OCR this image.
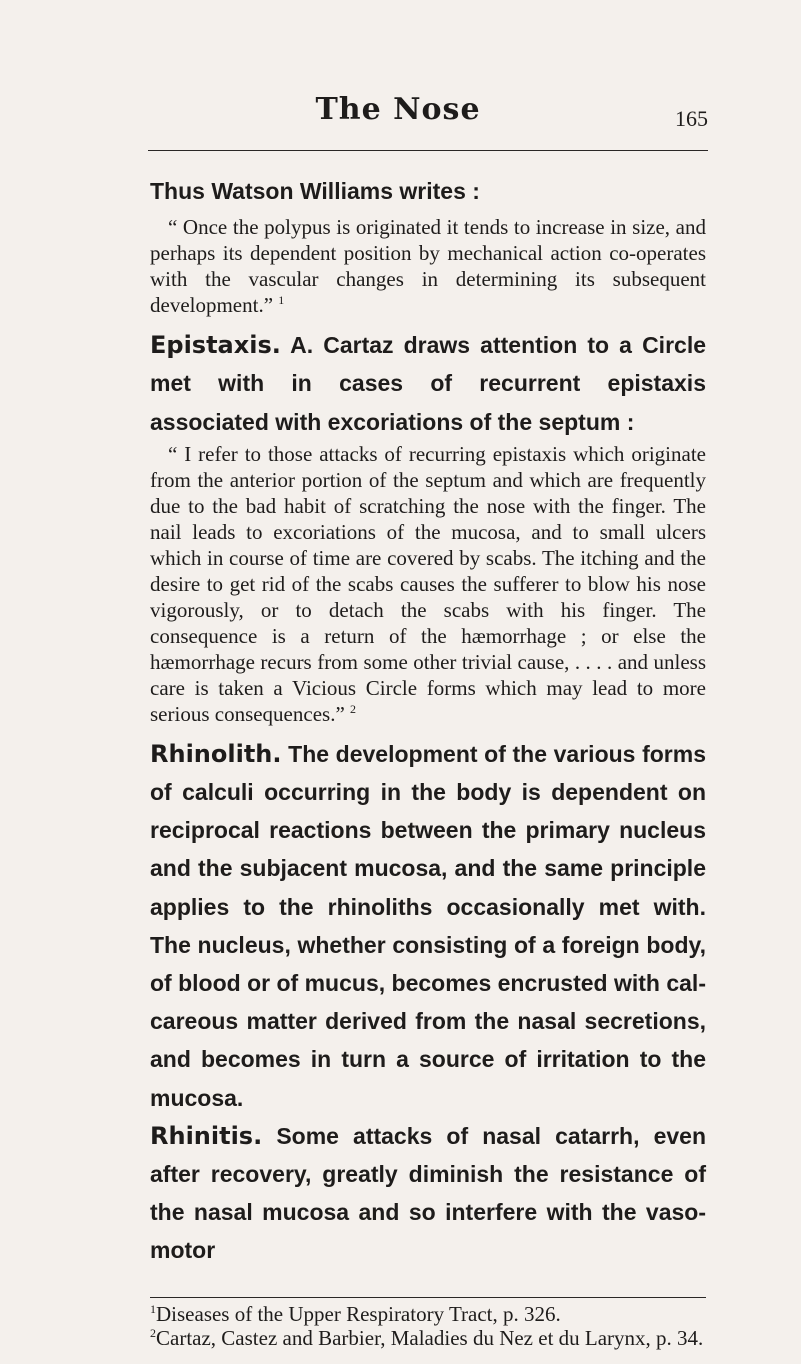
The Nose	165

Thus Watson Williams writes :

“ Once the polypus is originated it tends to increase in size, and perhaps its dependent position by mechanical action co-operates with the vascular changes in determining its subsequent development.” $^1$

Epistaxis. A. Cartaz draws attention to a Circle met with in cases of recurrent epistaxis associated with excoriations of the septum :

“ I refer to those attacks of recurring epistaxis which originate from the anterior portion of the septum and which are frequently due to the bad habit of scratching the nose with the finger. The nail leads to excoriations of the mucosa, and to small ulcers which in course of time are covered by scabs. The itching and the desire to get rid of the scabs causes the sufferer to blow his nose vigorously, or to detach the scabs with his finger. The consequence is a return of the hæmorrhage ; or else the hæmorrhage recurs from some other trivial cause, . . . . and unless care is taken a Vicious Circle forms which may lead to more serious consequences.” $^2$

Rhinolith. The development of the various forms of calculi occurring in the body is dependent on reciprocal reactions between the primary nucleus and the subjacent mucosa, and the same principle applies to the rhinoliths occasionally met with. The nucleus, whether consisting of a foreign body, of blood or of mucus, becomes encrusted with calcareous matter derived from the nasal secretions, and becomes in turn a source of irritation to the mucosa.

Rhinitis. Some attacks of nasal catarrh, even after recovery, greatly diminish the resistance of the nasal mucosa and so interfere with the vaso-motor

$^1$Diseases of the Upper Respiratory Tract, p. 326.

$^2$Cartaz, Castez and Barbier, Maladies du Nez et du Larynx, p. 34.
